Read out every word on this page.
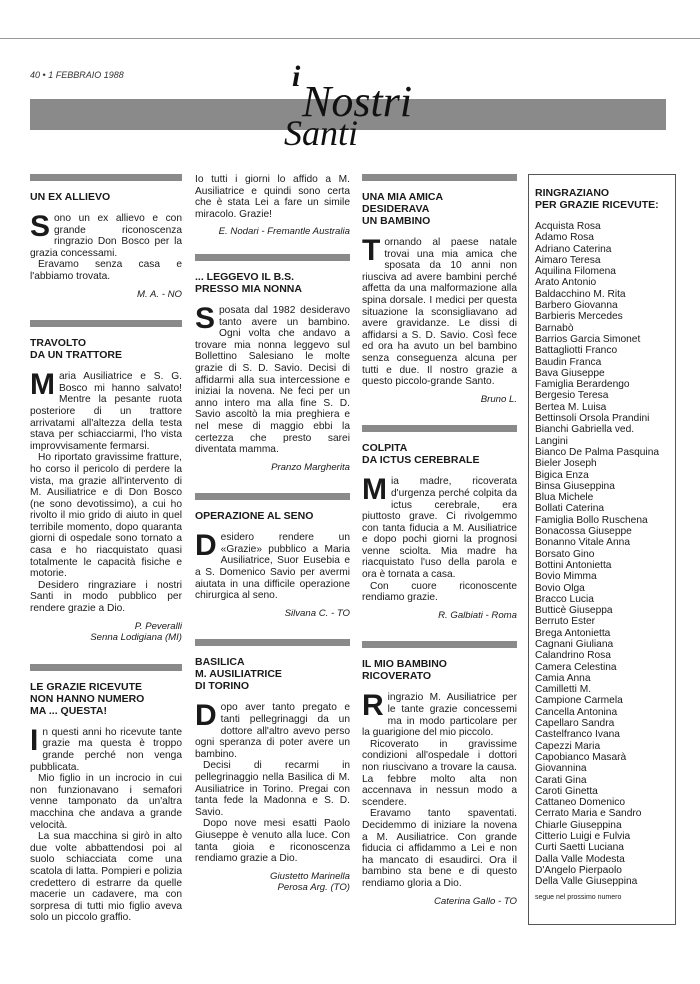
40 • 1 FEBBRAIO 1988	i
Nostri
Santi
UN EX ALLIEVO
S ono un ex allievo e con grande riconoscenza ringrazio Don Bosco per la grazia concessami.

Eravamo senza casa e l'abbiamo trovata.

M. A. - NO
TRAVOLTO
DA UN TRATTORE
M aria Ausiliatrice e S. G. Bosco mi hanno salvato! Mentre la pesante ruota posteriore di un trattore arrivatami all'altezza della testa stava per schiacciarmi, l'ho vista improvvisamente fermarsi.

Ho riportato gravissime fratture, ho corso il pericolo di perdere la vista, ma grazie all'intervento di M. Ausiliatrice e di Don Bosco (ne sono devotissimo), a cui ho rivolto il mio grido di aiuto in quel terribile momento, dopo quaranta giorni di ospedale sono tornato a casa e ho riacquistato quasi totalmente le capacità fisiche e motorie.

Desidero ringraziare i nostri Santi in modo pubblico per rendere grazie a Dio.

P. Peveralli
Senna Lodigiana (MI)
LE GRAZIE RICEVUTE
NON HANNO NUMERO
MA ... QUESTA!
I n questi anni ho ricevute tante grazie ma questa è troppo grande perché non venga pubblicata.

Mio figlio in un incrocio in cui non funzionavano i semafori venne tamponato da un'altra macchina che andava a grande velocità.

La sua macchina si girò in alto due volte abbattendosi poi al suolo schiacciata come una scatola di latta. Pompieri e polizia credettero di estrarre da quelle macerie un cadavere, ma con sorpresa di tutti mio figlio aveva solo un piccolo graffio.

Io tutti i giorni lo affido a M. Ausiliatrice e quindi sono certa che è stata Lei a fare un simile miracolo. Grazie!

E. Nodari - Fremantle Australia
... LEGGEVO IL B.S.
PRESSO MIA NONNA
S posata dal 1982 desideravo tanto avere un bambino. Ogni volta che andavo a trovare mia nonna leggevo sul Bollettino Salesiano le molte grazie di S. D. Savio. Decisi di affidarmi alla sua intercessione e iniziai la novena. Ne feci per un anno intero ma alla fine S. D. Savio ascoltò la mia preghiera e nel mese di maggio ebbi la certezza che presto sarei diventata mamma.

Pranzo Margherita
OPERAZIONE AL SENO
D esidero rendere un «Grazie» pubblico a Maria Ausiliatrice, Suor Eusebia e a S. Domenico Savio per avermi aiutata in una difficile operazione chirurgica al seno.

Silvana C. - TO
BASILICA
M. AUSILIATRICE
DI TORINO
D opo aver tanto pregato e tanti pellegrinaggi da un dottore all'altro avevo perso ogni speranza di poter avere un bambino.

Decisi di recarmi in pellegrinaggio nella Basilica di M. Ausiliatrice in Torino. Pregai con tanta fede la Madonna e S. D. Savio.

Dopo nove mesi esatti Paolo Giuseppe è venuto alla luce. Con tanta gioia e riconoscenza rendiamo grazie a Dio.

Giustetto Marinella
Perosa Arg. (TO)
UNA MIA AMICA
DESIDERAVA
UN BAMBINO
T ornando al paese natale trovai una mia amica che sposata da 10 anni non riusciva ad avere bambini perché affetta da una malformazione alla spina dorsale. I medici per questa situazione la sconsigliavano ad avere gravidanze. Le dissi di affidarsi a S. D. Savio. Così fece ed ora ha avuto un bel bambino senza conseguenza alcuna per tutti e due. Il nostro grazie a questo piccolo-grande Santo.

Bruno L.
COLPITA
DA ICTUS CEREBRALE
M ia madre, ricoverata d'urgenza perché colpita da ictus cerebrale, era piuttosto grave. Ci rivolgemmo con tanta fiducia a M. Ausiliatrice e dopo pochi giorni la prognosi venne sciolta. Mia madre ha riacquistato l'uso della parola e ora è tornata a casa.

Con cuore riconoscente rendiamo grazie.

R. Galbiati - Roma
IL MIO BAMBINO
RICOVERATO
R ingrazio M. Ausiliatrice per le tante grazie concessemi ma in modo particolare per la guarigione del mio piccolo.

Ricoverato in gravissime condizioni all'ospedale i dottori non riuscivano a trovare la causa. La febbre molto alta non accennava in nessun modo a scendere.

Eravamo tanto spaventati. Decidemmo di iniziare la novena a M. Ausiliatrice. Con grande fiducia ci affidammo a Lei e non ha mancato di esaudirci. Ora il bambino sta bene e di questo rendiamo gloria a Dio.

Caterina Gallo - TO
RINGRAZIANO
PER GRAZIE RICEVUTE:
Acquista Rosa
Adamo Rosa
Adriano Caterina
Aimaro Teresa
Aquilina Filomena
Arato Antonio
Baldacchino M. Rita
Barbero Giovanna
Barbieris Mercedes
Barnabò
Barrios Garcia Simonet
Battagliotti Franco
Baudin Franca
Bava Giuseppe
Famiglia Berardengo
Bergesio Teresa
Bertea M. Luisa
Bettinsoli Orsola Prandini
Bianchi Gabriella ved. Langini
Bianco De Palma Pasquina
Bieler Joseph
Bigica Enza
Binsa Giuseppina
Blua Michele
Bollati Caterina
Famiglia Bollo Ruschena
Bonacossa Giuseppe
Bonanno Vitale Anna
Borsato Gino
Bottini Antonietta
Bovio Mimma
Bovio Olga
Bracco Lucia
Butticè Giuseppa
Berruto Ester
Brega Antonietta
Cagnani Giuliana
Calandrino Rosa
Camera Celestina
Camia Anna
Camilletti M.
Campione Carmela
Cancella Antonina
Capellaro Sandra
Castelfranco Ivana
Capezzi Maria
Capobianco Masarà Giovannina
Carati Gina
Caroti Ginetta
Cattaneo Domenico
Cerrato Maria e Sandro
Chiarle Giuseppina
Citterio Luigi e Fulvia
Curti Saetti Luciana
Dalla Valle Modesta
D'Angelo Pierpaolo
Della Valle Giuseppina
segue nel prossimo numero
